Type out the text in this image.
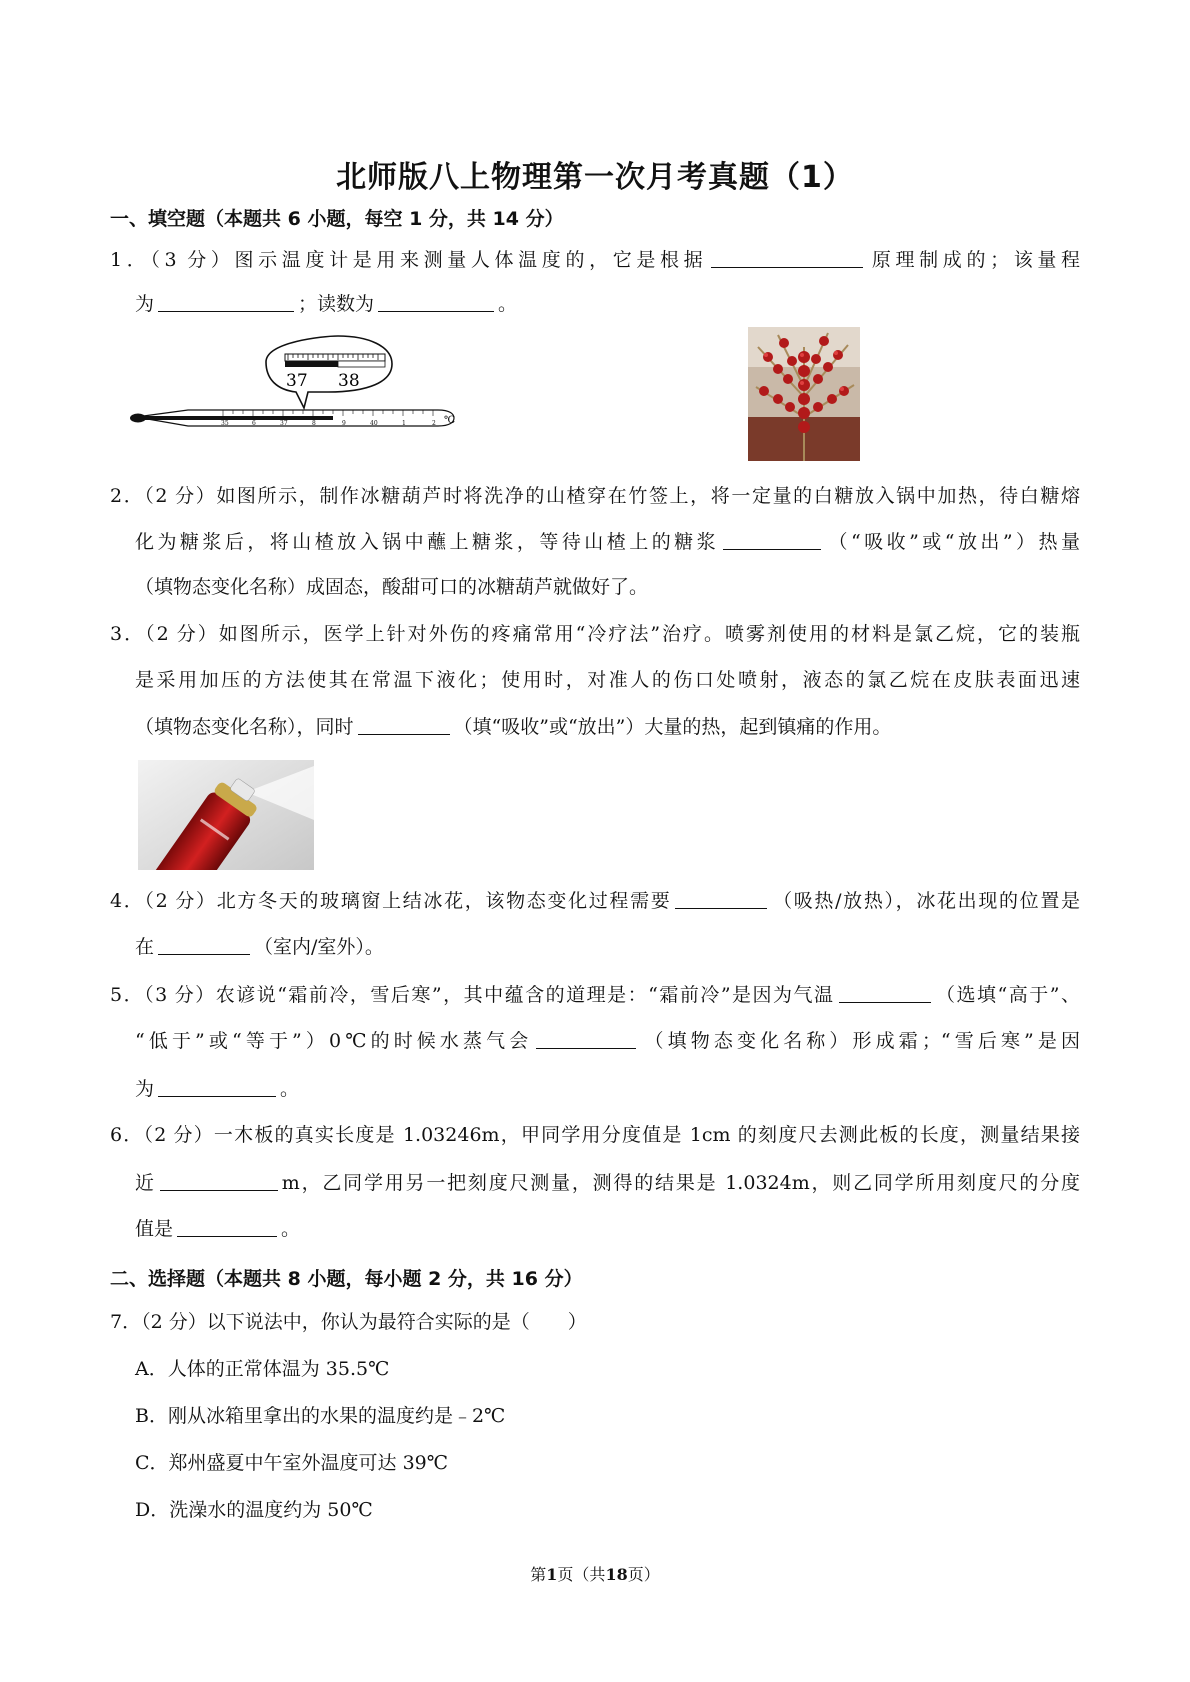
北师版八上物理第一次月考真题（1）
一、填空题（本题共 6 小题，每空 1 分，共 14 分）
1．（3 分）图示温度计是用来测量人体温度的，它是根据	原理制成的；该量程
为	；读数为	。
37 38
35	6	37	8	9	40	1	2 ℃
2．（2 分）如图所示，制作冰糖葫芦时将洗净的山楂穿在竹签上，将一定量的白糖放入锅中加热，待白糖熔
化为糖浆后，将山楂放入锅中蘸上糖浆，等待山楂上的糖浆	（“吸收”或“放出”）热量
（填物态变化名称）成固态，酸甜可口的冰糖葫芦就做好了。
3．（2 分）如图所示，医学上针对外伤的疼痛常用“冷疗法”治疗。喷雾剂使用的材料是氯乙烷，它的装瓶
是采用加压的方法使其在常温下液化；使用时，对准人的伤口处喷射，液态的氯乙烷在皮肤表面迅速
（填物态变化名称），同时	（填“吸收”或“放出”）大量的热，起到镇痛的作用。
4．（2 分）北方冬天的玻璃窗上结冰花，该物态变化过程需要	（吸热/放热），冰花出现的位置是
在	（室内/室外）。
5．（3 分）农谚说“霜前冷，雪后寒”，其中蕴含的道理是：“霜前冷”是因为气温	（选填“高于”、
“低于”或“等于”）0℃的时候水蒸气会	（填物态变化名称）形成霜；“雪后寒”是因
为	。
6．（2 分）一木板的真实长度是 1.03246m，甲同学用分度值是 1cm 的刻度尺去测此板的长度，测量结果接
近	m，乙同学用另一把刻度尺测量，测得的结果是 1.0324m，则乙同学所用刻度尺的分度
值是	。
二、选择题（本题共 8 小题，每小题 2 分，共 16 分）
7．（2 分）以下说法中，你认为最符合实际的是（　　）
A．人体的正常体温为 35.5℃
B．刚从冰箱里拿出的水果的温度约是﹣2℃
C．郑州盛夏中午室外温度可达 39℃
D．洗澡水的温度约为 50℃
第1页（共18页）
